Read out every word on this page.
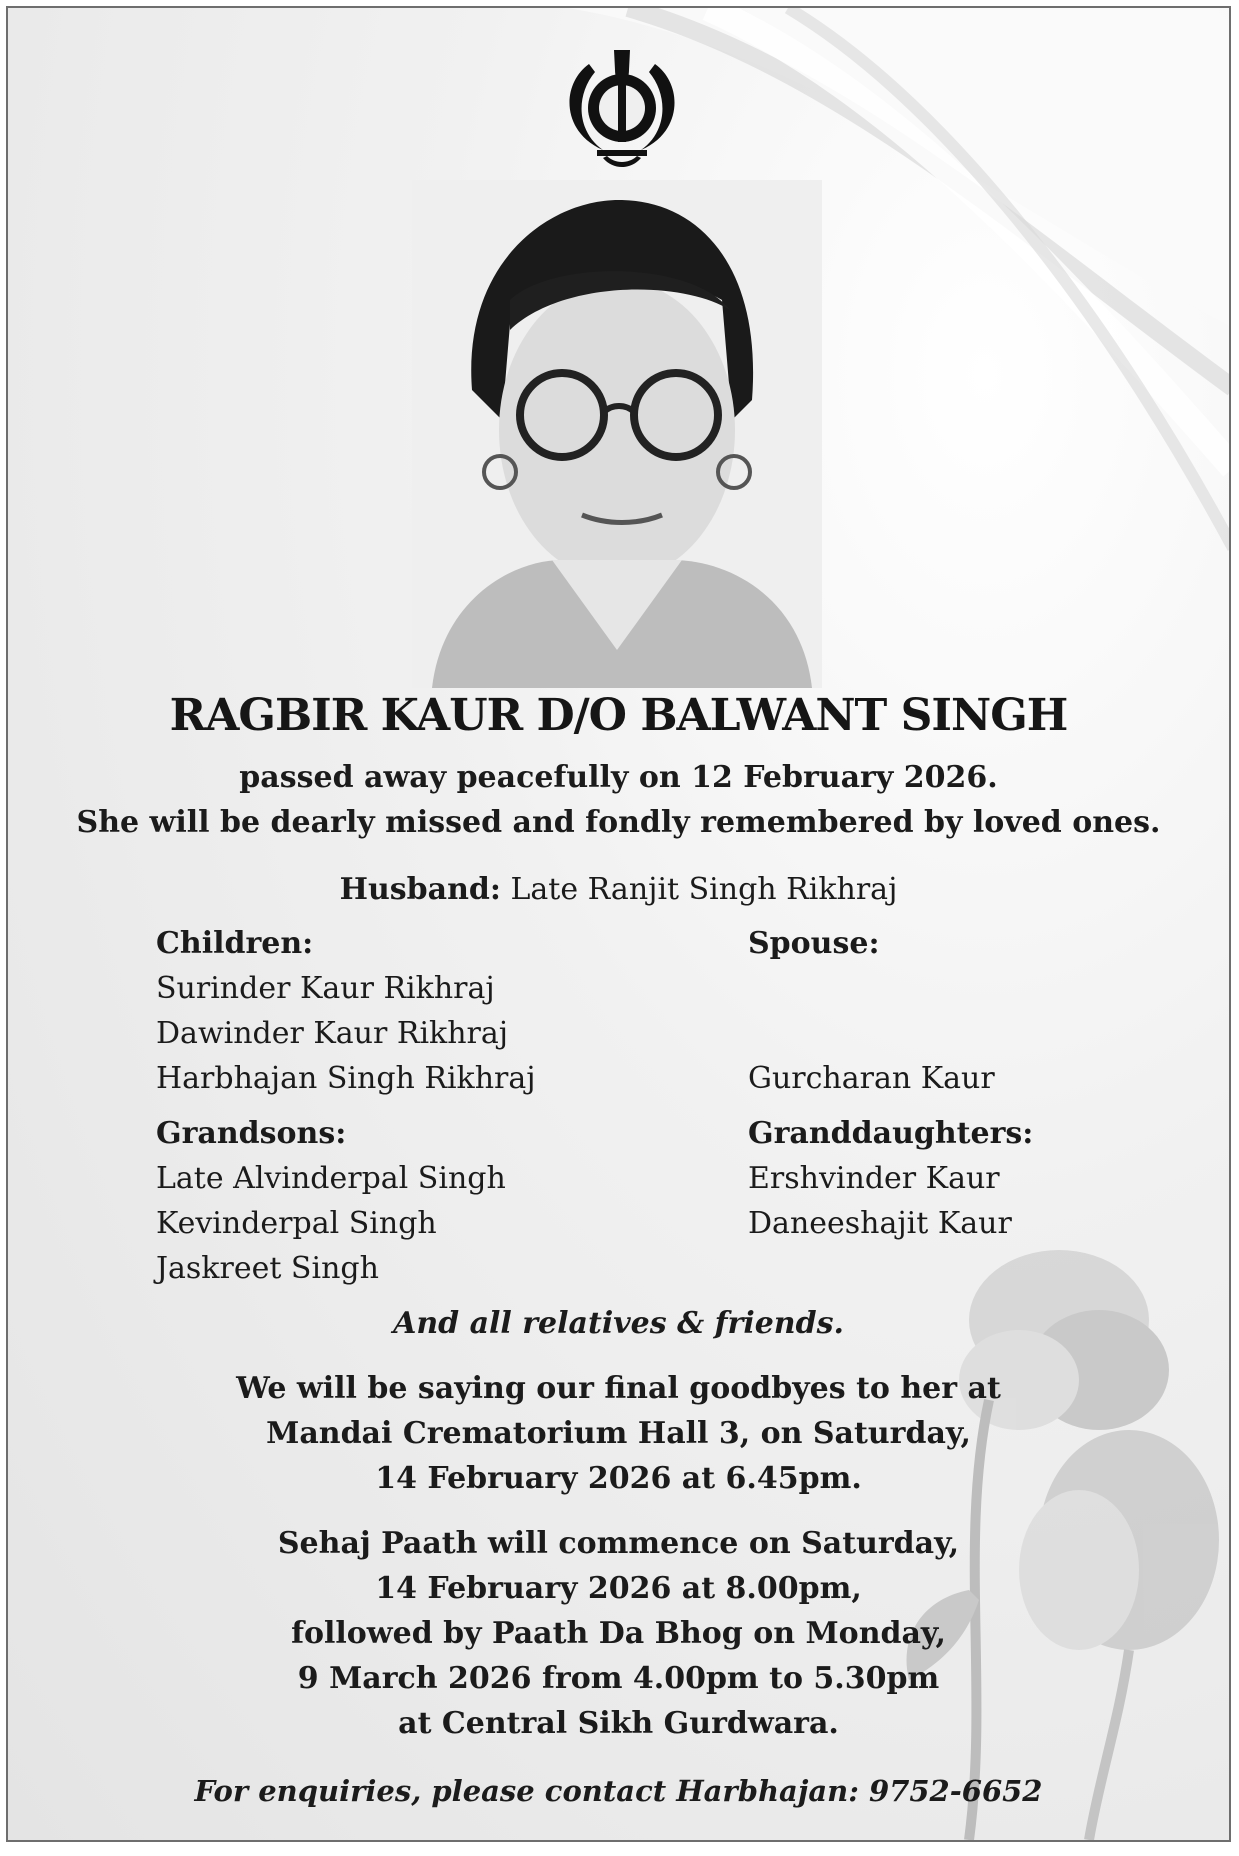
RAGBIR KAUR D/O BALWANT SINGH
passed away peacefully on 12 February 2026.
She will be dearly missed and fondly remembered by loved ones.
Husband: Late Ranjit Singh Rikhraj
Children:
Surinder Kaur Rikhraj
Dawinder Kaur Rikhraj
Harbhajan Singh Rikhraj
Spouse:
Gurcharan Kaur
Grandsons:
Late Alvinderpal Singh
Kevinderpal Singh
Jaskreet Singh
Granddaughters:
Ershvinder Kaur
Daneeshajit Kaur
And all relatives & friends.
We will be saying our final goodbyes to her at
Mandai Crematorium Hall 3, on Saturday,
14 February 2026 at 6.45pm.
Sehaj Paath will commence on Saturday,
14 February 2026 at 8.00pm,
followed by Paath Da Bhog on Monday,
9 March 2026 from 4.00pm to 5.30pm
at Central Sikh Gurdwara.
For enquiries, please contact Harbhajan: 9752-6652
